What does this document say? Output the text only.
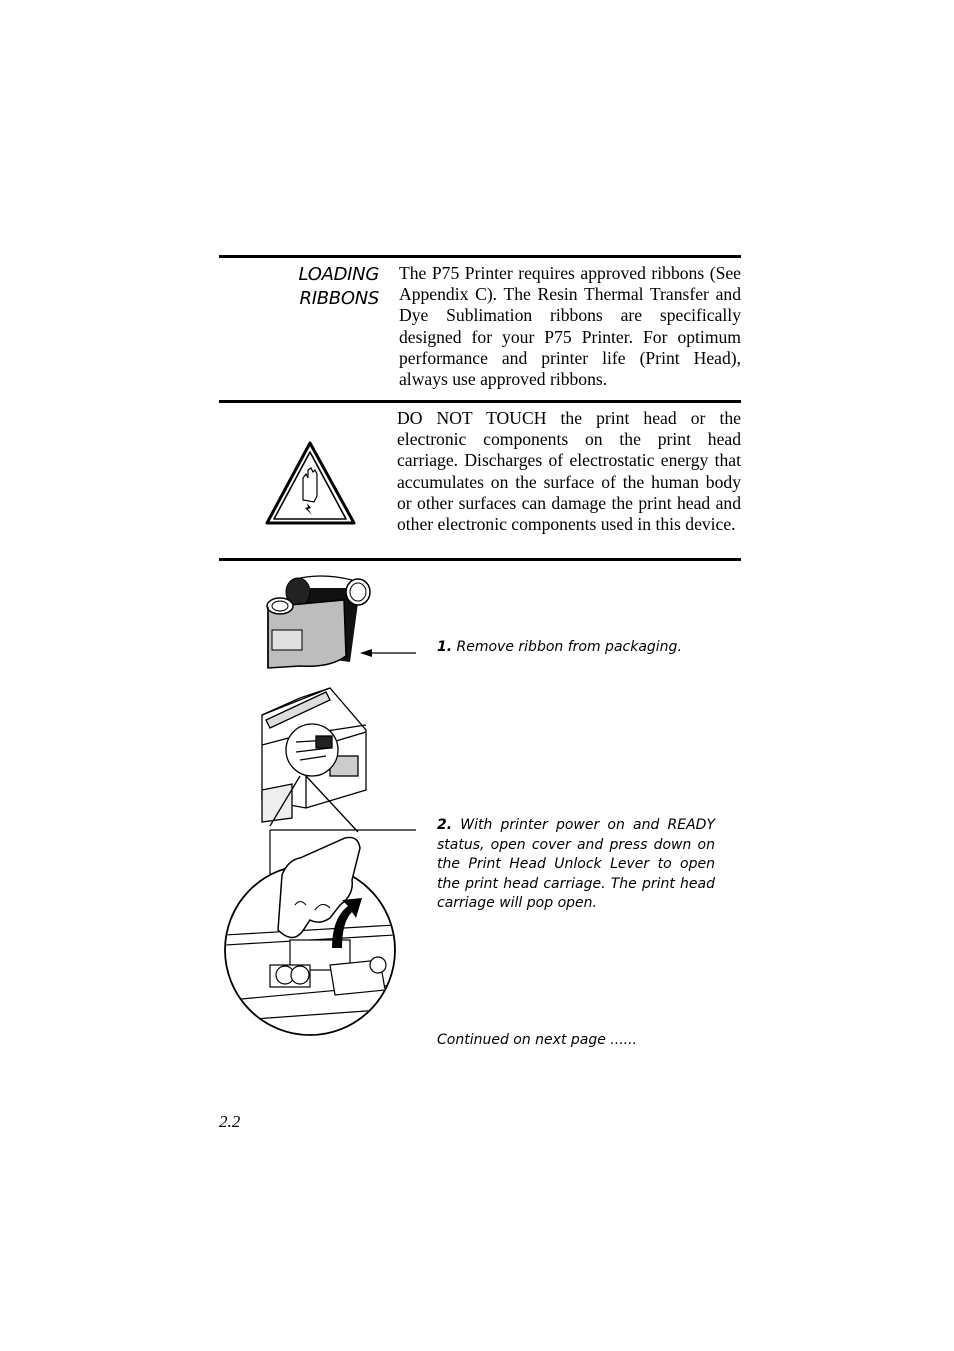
LOADING
RIBBONS
The P75 Printer requires approved ribbons (See Appendix C). The Resin Thermal Transfer and Dye Sublimation ribbons are specifically designed for your P75 Printer. For optimum performance and printer life (Print Head), always use approved ribbons.
DO NOT TOUCH the print head or the electronic components on the print head carriage. Discharges of electrostatic energy that accumulates on the surface of the human body or other surfaces can damage the print head and other electronic components used in this device.
1. Remove ribbon from packaging.
2. With printer power on and READY status, open cover and press down on the Print Head Unlock Lever to open the print head carriage. The print head carriage will pop open.
Continued on next page ......
2.2
